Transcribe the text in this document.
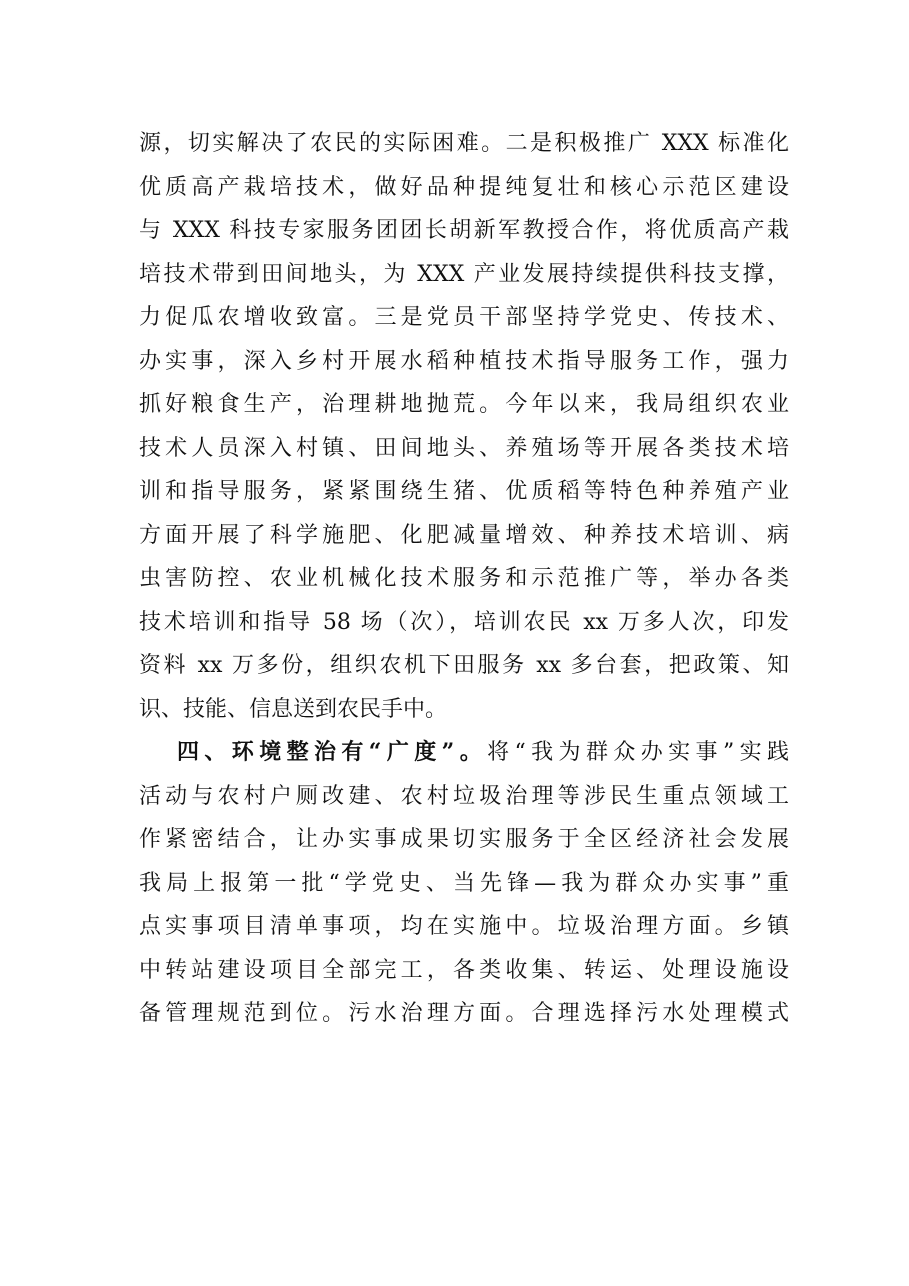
源，切实解决了农民的实际困难。二是积极推广 XXX 标准化
优质高产栽培技术，做好品种提纯复壮和核心示范区建设
与 XXX 科技专家服务团团长胡新军教授合作，将优质高产栽
培技术带到田间地头，为 XXX 产业发展持续提供科技支撑，
力促瓜农增收致富。三是党员干部坚持学党史、传技术、
办实事，深入乡村开展水稻种植技术指导服务工作，强力
抓好粮食生产，治理耕地抛荒。今年以来，我局组织农业
技术人员深入村镇、田间地头、养殖场等开展各类技术培
训和指导服务，紧紧围绕生猪、优质稻等特色种养殖产业
方面开展了科学施肥、化肥减量增效、种养技术培训、病
虫害防控、农业机械化技术服务和示范推广等，举办各类
技术培训和指导 58 场（次），培训农民 xx 万多人次，印发
资料 xx 万多份，组织农机下田服务 xx 多台套，把政策、知
识、技能、信息送到农民手中。
四、环境整治有“广度”。将“我为群众办实事”实践
活动与农村户厕改建、农村垃圾治理等涉民生重点领域工
作紧密结合，让办实事成果切实服务于全区经济社会发展
我局上报第一批“学党史、当先锋—我为群众办实事”重
点实事项目清单事项，均在实施中。垃圾治理方面。乡镇
中转站建设项目全部完工，各类收集、转运、处理设施设
备管理规范到位。污水治理方面。合理选择污水处理模式
